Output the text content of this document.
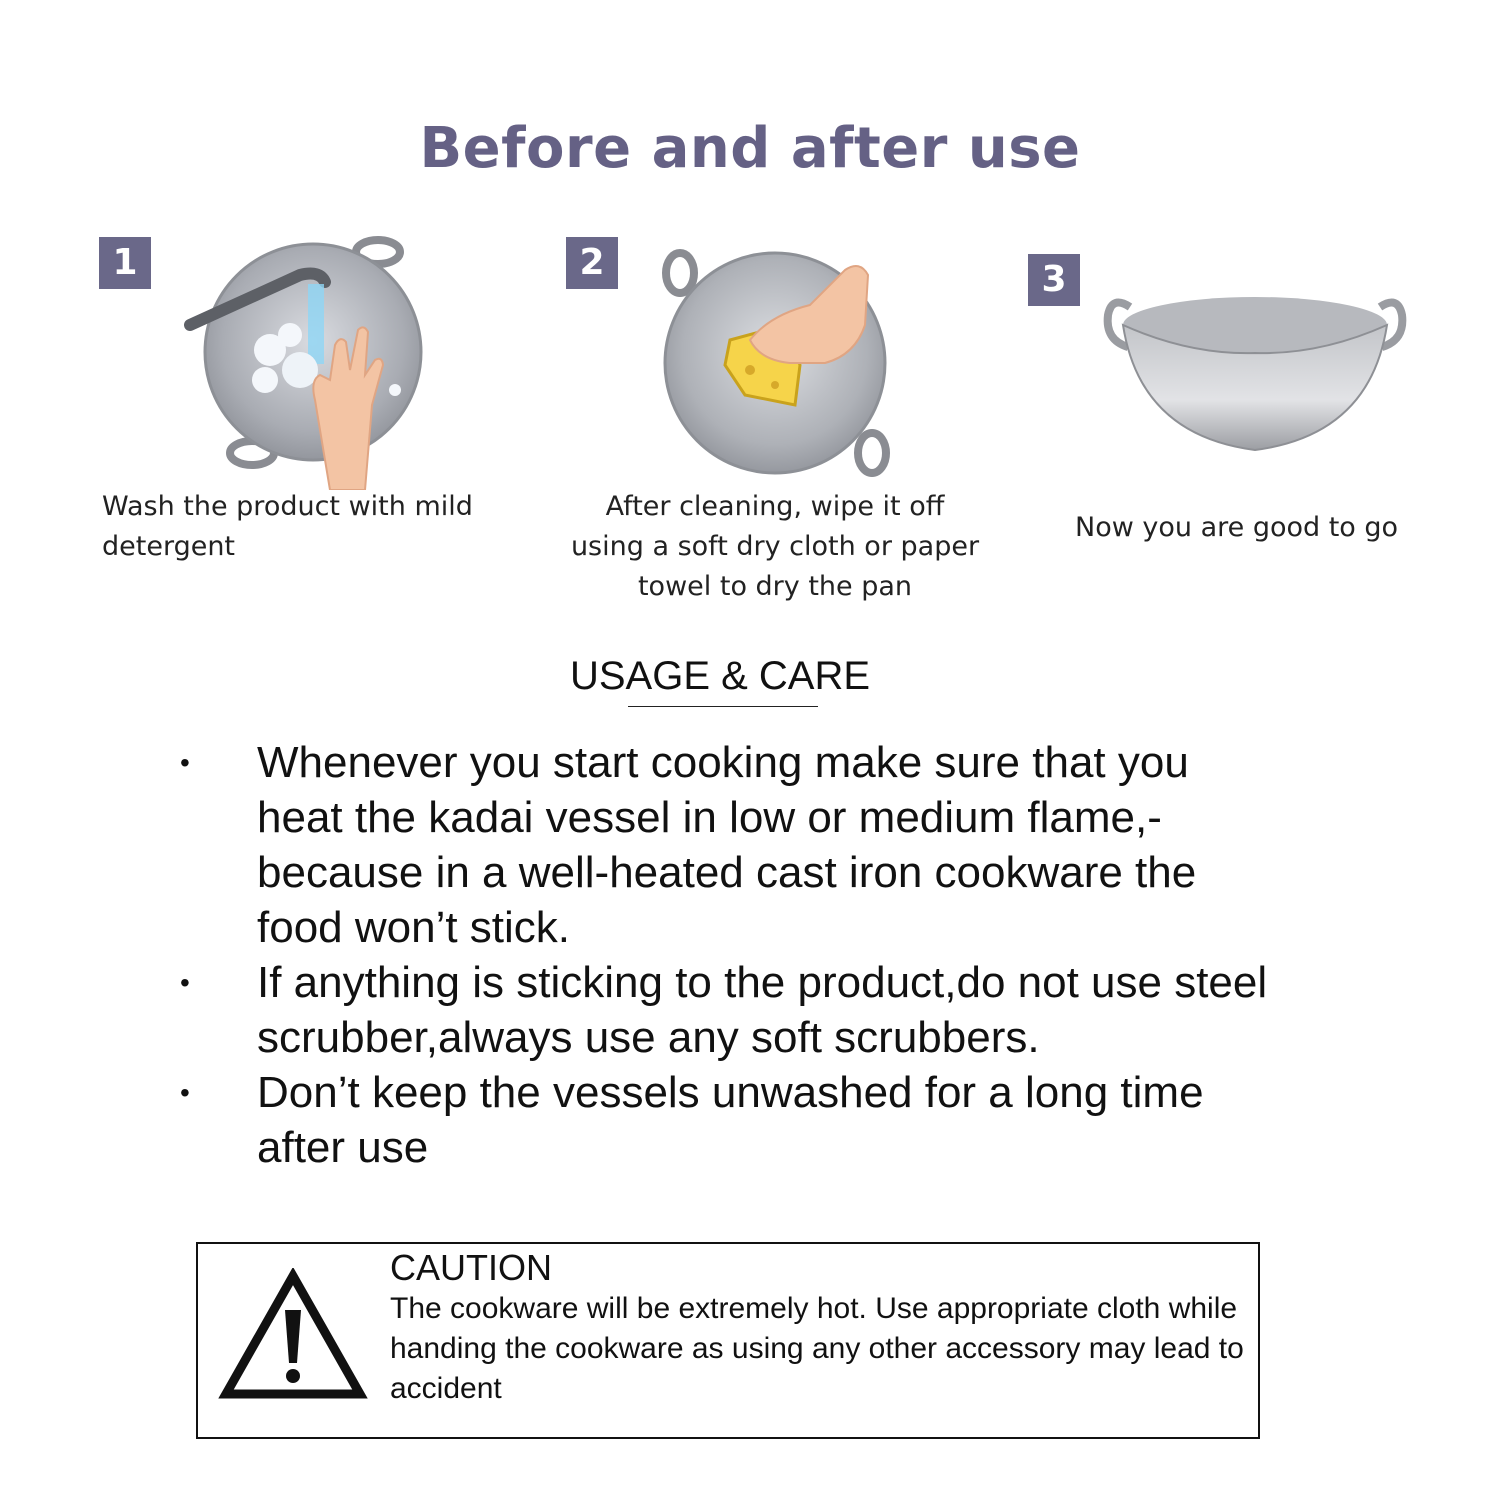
Before and after use
1

Wash the product with mild detergent

2

After cleaning, wipe it off using a soft dry cloth or paper towel to dry the pan

3

Now you are good to go

USAGE & CARE
• Whenever you start cooking make sure that you heat the kadai vessel in low or medium flame,-because in a well-heated cast iron cookware the food won’t stick.
• If anything is sticking to the product,do not use steel scrubber,always use any soft scrubbers.
• Don’t keep the vessels unwashed for a long time after use
CAUTION

The cookware will be extremely hot. Use appropriate cloth while handing the cookware as using any other accessory may lead to accident
